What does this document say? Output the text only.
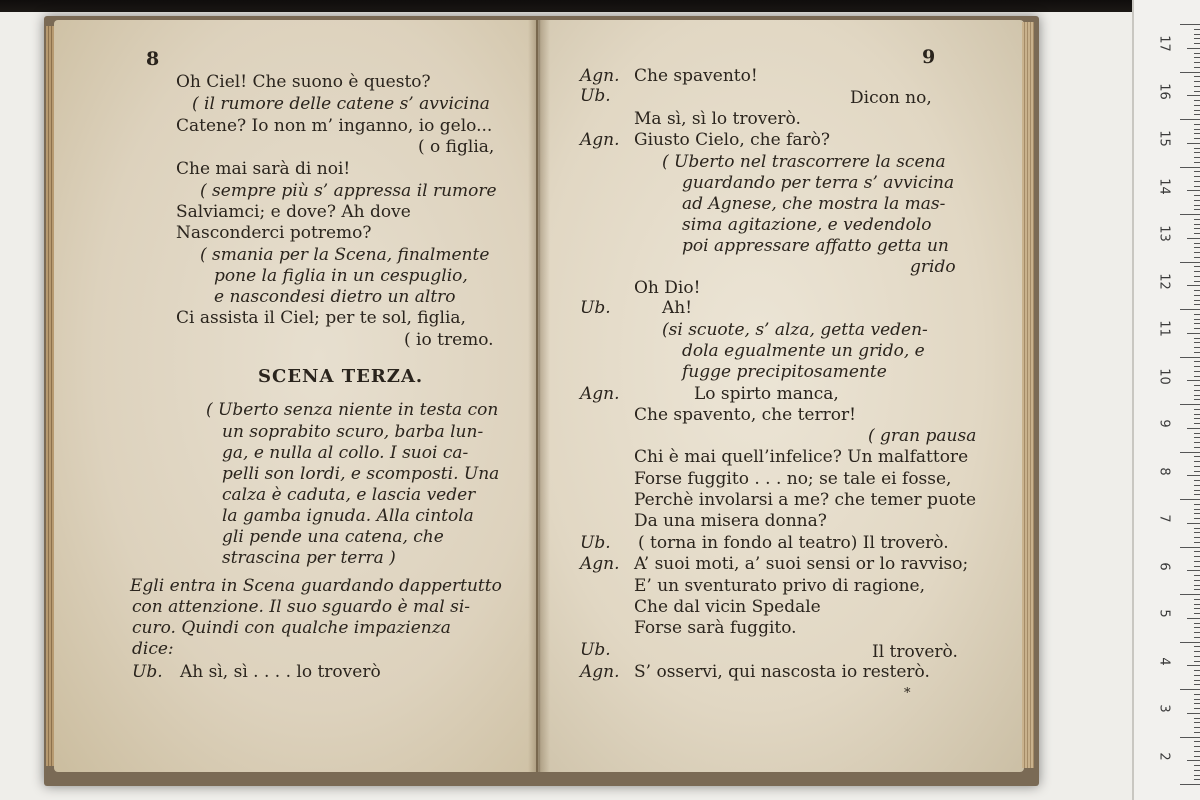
8
Oh Ciel! Che suono è questo?
( il rumore delle catene s’ avvicina
Catene? Io non m’ inganno, io gelo...
( o figlia,
Che mai sarà di noi!
( sempre più s’ appressa il rumore
Salviamci; e dove? Ah dove
Nasconderci potremo?
( smania per la Scena, finalmente
pone la figlia in un cespuglio,
e nascondesi dietro un altro
Ci assista il Ciel; per te sol, figlia,
( io tremo.
SCENA TERZA.
( Uberto senza niente in testa con
un soprabito scuro, barba lun-
ga, e nulla al collo. I suoi ca-
pelli son lordi, e scomposti. Una
calza è caduta, e lascia veder
la gamba ignuda. Alla cintola
gli pende una catena, che
strascina per terra )
Egli entra in Scena guardando dappertutto
con attenzione. Il suo sguardo è mal si-
curo. Quindi con qualche impazienza
dice:
Ub. Ah sì, sì . . . . lo troverò
9
Agn. Che spavento!
Ub.	Dicon no,
Ma sì, sì lo troverò.
Agn. Giusto Cielo, che farò?
( Uberto nel trascorrere la scena
guardando per terra s’ avvicina
ad Agnese, che mostra la mas-
sima agitazione, e vedendolo
poi appressare affatto getta un
grido
Oh Dio!
Ub.	Ah!
(si scuote, s’ alza, getta veden-
dola egualmente un grido, e
fugge precipitosamente
Agn.	Lo spirto manca,
Che spavento, che terror!
( gran pausa
Chi è mai quell’infelice? Un malfattore
Forse fuggito . . . no; se tale ei fosse,
Perchè involarsi a me? che temer puote
Da una misera donna?
Ub. ( torna in fondo al teatro) Il troverò.
Agn. A’ suoi moti, a’ suoi sensi or lo ravviso;
E’ un sventurato privo di ragione,
Che dal vicin Spedale
Forse sarà fuggito.
Ub.	Il troverò.
Agn. S’ osservi, qui nascosta io resterò.
*
17
16
15
14
13
12
11
10
9
8
7
6
5
4
3
2
